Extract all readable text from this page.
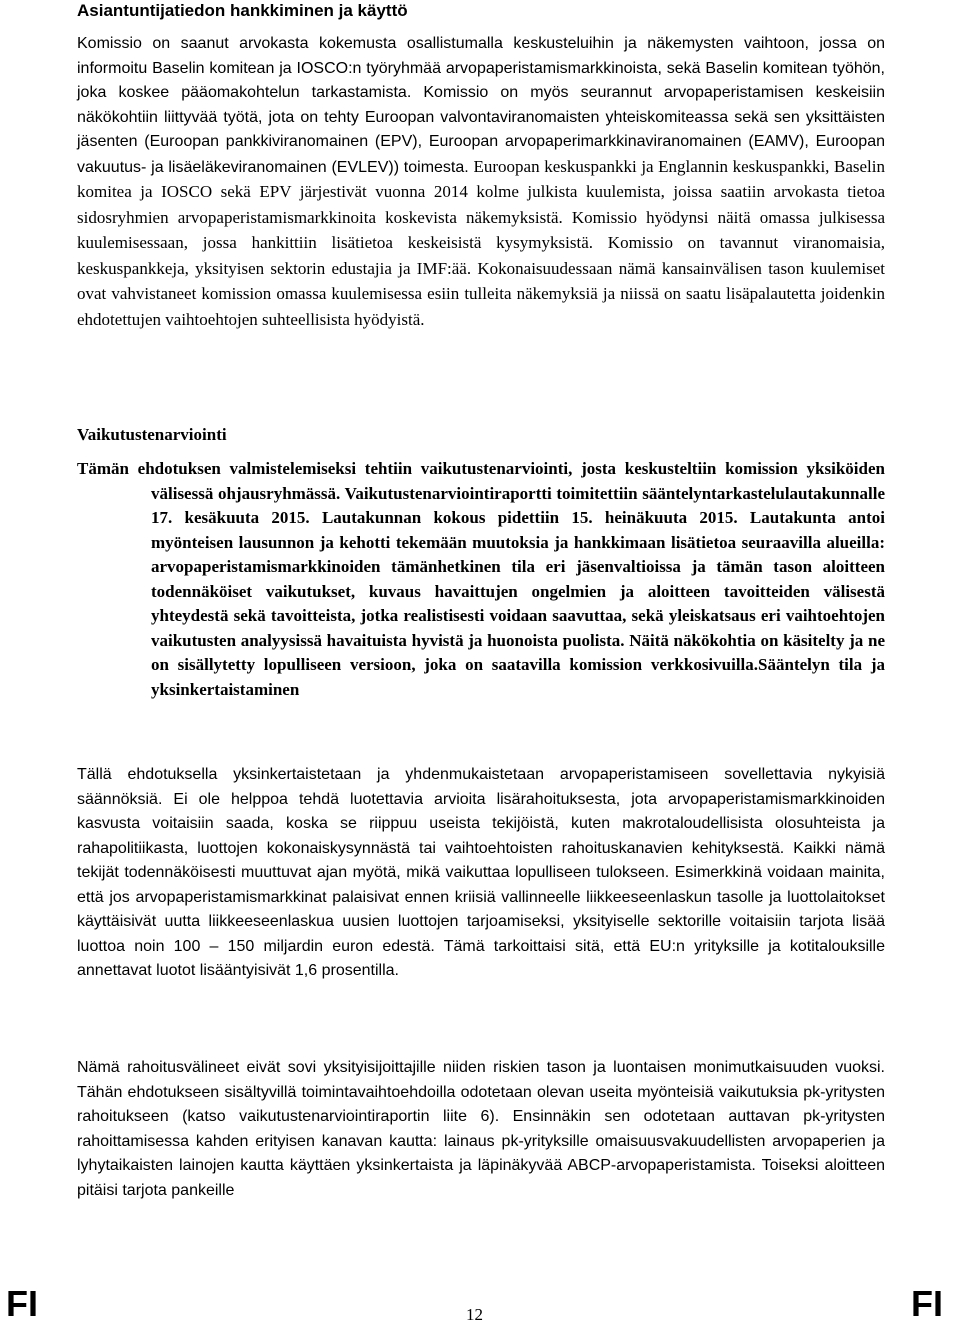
Asiantuntijatiedon hankkiminen ja käyttö

Komissio on saanut arvokasta kokemusta osallistumalla keskusteluihin ja näkemysten vaihtoon, jossa on informoitu Baselin komitean ja IOSCO:n työryhmää arvopaperistamismarkkinoista, sekä Baselin komitean työhön, joka koskee pääomakohtelun tarkastamista. Komissio on myös seurannut arvopaperistamisen keskeisiin näkökohtiin liittyvää työtä, jota on tehty Euroopan valvontaviranomaisten yhteiskomiteassa sekä sen yksittäisten jäsenten (Euroopan pankkiviranomainen (EPV), Euroopan arvopaperimarkkinaviranomainen (EAMV), Euroopan vakuutus- ja lisäeläkeviranomainen (EVLEV)) toimesta. Euroopan keskuspankki ja Englannin keskuspankki, Baselin komitea ja IOSCO sekä EPV järjestivät vuonna 2014 kolme julkista kuulemista, joissa saatiin arvokasta tietoa sidosryhmien arvopaperistamismarkkinoita koskevista näkemyksistä. Komissio hyödynsi näitä omassa julkisessa kuulemisessaan, jossa hankittiin lisätietoa keskeisistä kysymyksistä. Komissio on tavannut viranomaisia, keskuspankkeja, yksityisen sektorin edustajia ja IMF:ää. Kokonaisuudessaan nämä kansainvälisen tason kuulemiset ovat vahvistaneet komission omassa kuulemisessa esiin tulleita näkemyksiä ja niissä on saatu lisäpalautetta joidenkin ehdotettujen vaihtoehtojen suhteellisista hyödyistä.

Vaikutustenarviointi

Tämän ehdotuksen valmistelemiseksi tehtiin vaikutustenarviointi, josta keskusteltiin komission yksiköiden välisessä ohjausryhmässä. Vaikutustenarviointiraportti toimitettiin sääntelyntarkastelulautakunnalle 17. kesäkuuta 2015. Lautakunnan kokous pidettiin 15. heinäkuuta 2015. Lautakunta antoi myönteisen lausunnon ja kehotti tekemään muutoksia ja hankkimaan lisätietoa seuraavilla alueilla: arvopaperistamismarkkinoiden tämänhetkinen tila eri jäsenvaltioissa ja tämän tason aloitteen todennäköiset vaikutukset, kuvaus havaittujen ongelmien ja aloitteen tavoitteiden välisestä yhteydestä sekä tavoitteista, jotka realistisesti voidaan saavuttaa, sekä yleiskatsaus eri vaihtoehtojen vaikutusten analyysissä havaituista hyvistä ja huonoista puolista. Näitä näkökohtia on käsitelty ja ne on sisällytetty lopulliseen versioon, joka on saatavilla komission verkkosivuilla.Sääntelyn tila ja yksinkertaistaminen

Tällä ehdotuksella yksinkertaistetaan ja yhdenmukaistetaan arvopaperistamiseen sovellettavia nykyisiä säännöksiä. Ei ole helppoa tehdä luotettavia arvioita lisärahoituksesta, jota arvopaperistamismarkkinoiden kasvusta voitaisiin saada, koska se riippuu useista tekijöistä, kuten makrotaloudellisista olosuhteista ja rahapolitiikasta, luottojen kokonaiskysynnästä tai vaihtoehtoisten rahoituskanavien kehityksestä. Kaikki nämä tekijät todennäköisesti muuttuvat ajan myötä, mikä vaikuttaa lopulliseen tulokseen. Esimerkkinä voidaan mainita, että jos arvopaperistamismarkkinat palaisivat ennen kriisiä vallinneelle liikkeeseenlaskun tasolle ja luottolaitokset käyttäisivät uutta liikkeeseenlaskua uusien luottojen tarjoamiseksi, yksityiselle sektorille voitaisiin tarjota lisää luottoa noin 100 – 150 miljardin euron edestä. Tämä tarkoittaisi sitä, että EU:n yrityksille ja kotitalouksille annettavat luotot lisääntyisivät 1,6 prosentilla.

Nämä rahoitusvälineet eivät sovi yksityisijoittajille niiden riskien tason ja luontaisen monimutkaisuuden vuoksi. Tähän ehdotukseen sisältyvillä toimintavaihtoehdoilla odotetaan olevan useita myönteisiä vaikutuksia pk-yritysten rahoitukseen (katso vaikutustenarviointiraportin liite 6). Ensinnäkin sen odotetaan auttavan pk-yritysten rahoittamisessa kahden erityisen kanavan kautta: lainaus pk-yrityksille omaisuusvakuudellisten arvopaperien ja lyhytaikaisten lainojen kautta käyttäen yksinkertaista ja läpinäkyvää ABCP-arvopaperistamista. Toiseksi aloitteen pitäisi tarjota pankeille

FI	12	FI
